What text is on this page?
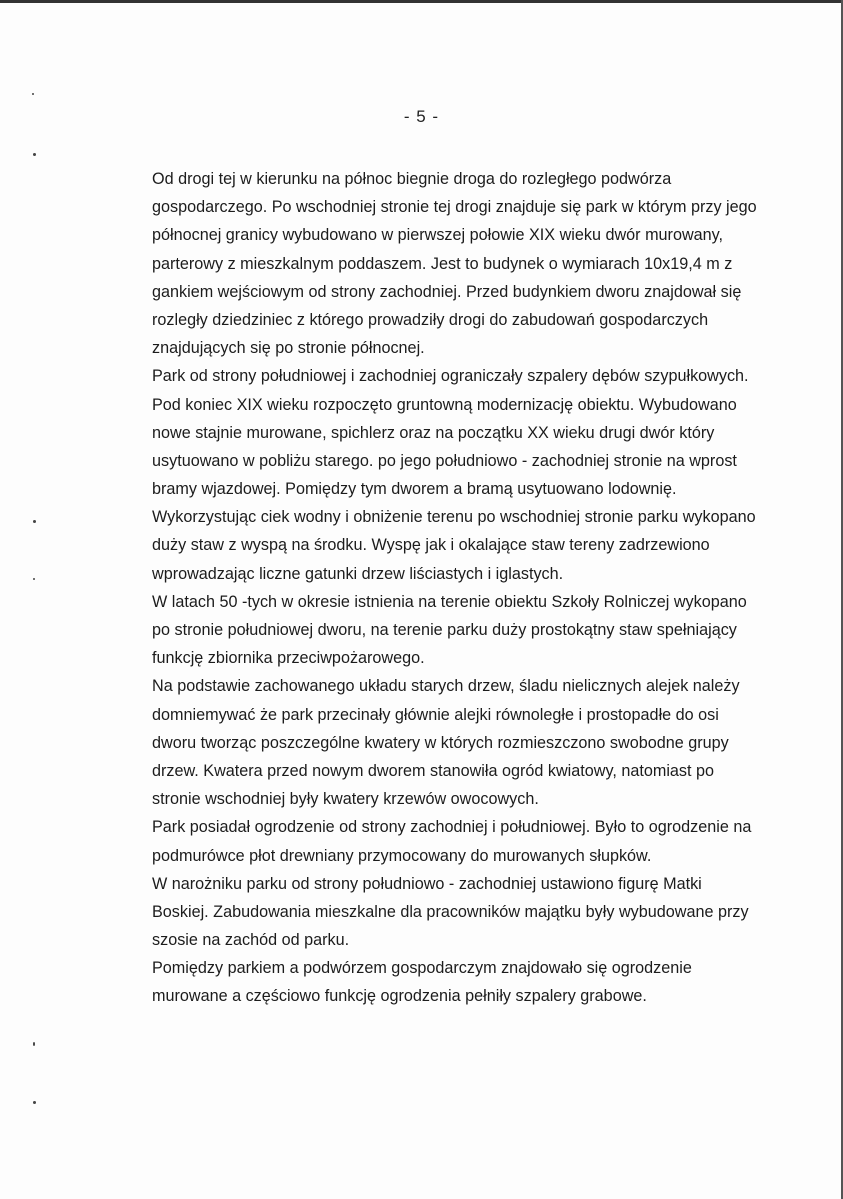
- 5 -
Od drogi tej w kierunku na północ biegnie droga do rozległego podwórza
gospodarczego. Po wschodniej stronie tej drogi znajduje się park w którym przy jego
północnej granicy wybudowano w pierwszej połowie XIX wieku dwór murowany,
parterowy z mieszkalnym poddaszem. Jest to budynek o wymiarach 10x19,4 m z
gankiem wejściowym od strony zachodniej. Przed budynkiem dworu znajdował się
rozległy dziedziniec z którego prowadziły drogi do zabudowań gospodarczych
znajdujących się po stronie północnej.
Park od strony południowej i zachodniej ograniczały szpalery dębów szypułkowych.
Pod koniec XIX wieku rozpoczęto gruntowną modernizację obiektu. Wybudowano
nowe stajnie murowane, spichlerz oraz na początku XX wieku drugi dwór który
usytuowano w pobliżu starego. po jego południowo - zachodniej stronie na wprost
bramy wjazdowej. Pomiędzy tym dworem a bramą usytuowano lodownię.
Wykorzystując ciek wodny i obniżenie terenu po wschodniej stronie parku wykopano
duży staw z wyspą na środku. Wyspę jak i okalające staw tereny zadrzewiono
wprowadzając liczne gatunki drzew liściastych i iglastych.
W latach 50 -tych w okresie istnienia na terenie obiektu Szkoły Rolniczej wykopano
po stronie południowej dworu, na terenie parku duży prostokątny staw spełniający
funkcję zbiornika przeciwpożarowego.
Na podstawie zachowanego układu starych drzew, śladu nielicznych alejek należy
domniemywać że park przecinały głównie alejki równoległe i prostopadłe do osi
dworu tworząc poszczególne kwatery w których rozmieszczono swobodne grupy
drzew. Kwatera przed nowym dworem stanowiła ogród kwiatowy, natomiast po
stronie wschodniej były kwatery krzewów owocowych.
Park posiadał ogrodzenie od strony zachodniej i południowej. Było to ogrodzenie na
podmurówce płot drewniany przymocowany do murowanych słupków.
W narożniku parku od strony południowo - zachodniej ustawiono figurę Matki
Boskiej. Zabudowania mieszkalne dla pracowników majątku były wybudowane przy
szosie na zachód od parku.
Pomiędzy parkiem a podwórzem gospodarczym znajdowało się ogrodzenie
murowane a częściowo funkcję ogrodzenia pełniły szpalery grabowe.
